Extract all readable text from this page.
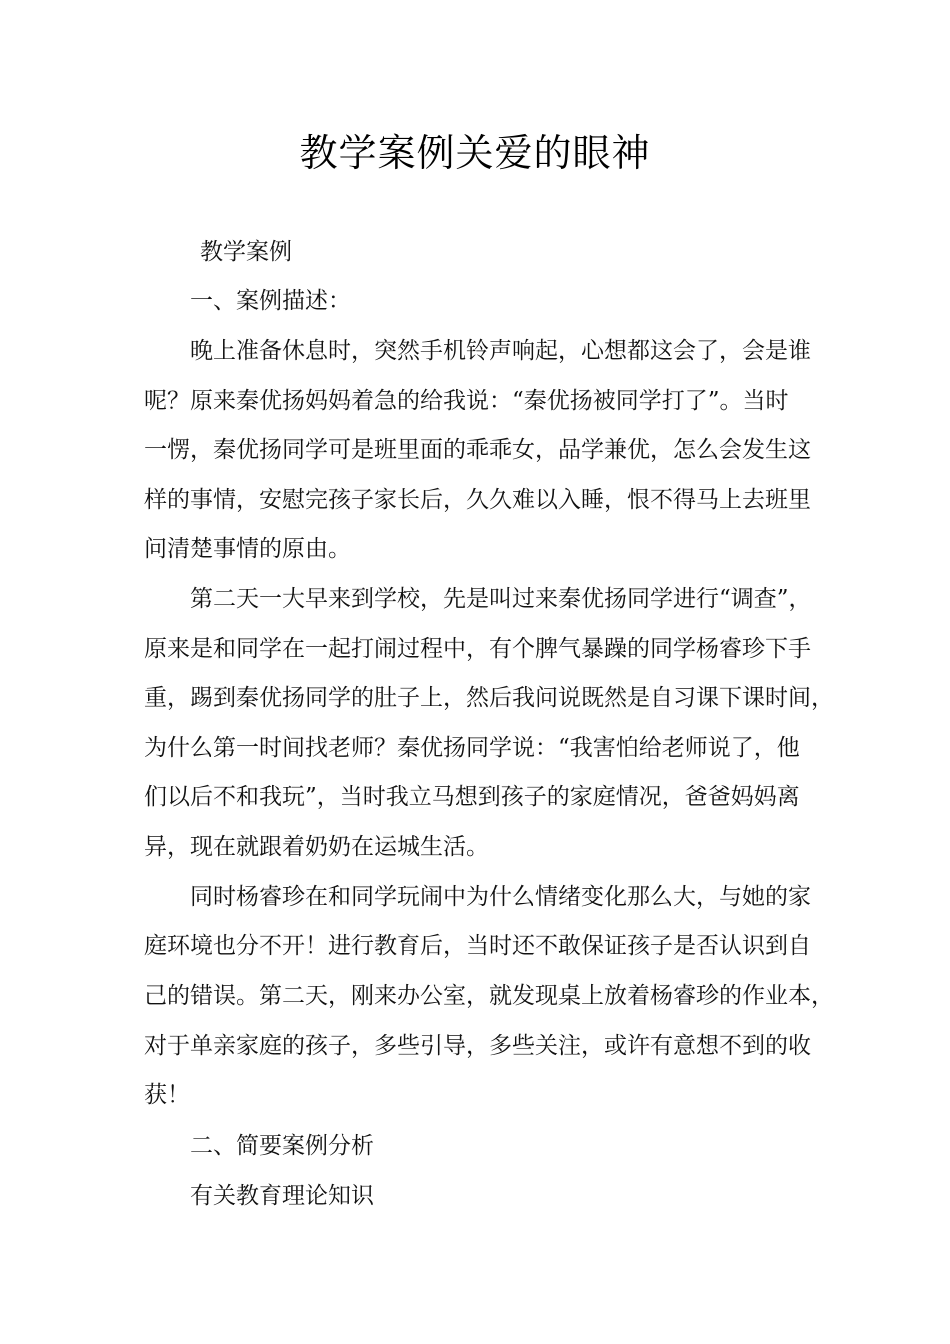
教学案例关爱的眼神
教学案例
一、案例描述：
晚上准备休息时，突然手机铃声响起，心想都这会了，会是谁
呢？原来秦优扬妈妈着急的给我说：“秦优扬被同学打了”。当时
一愣，秦优扬同学可是班里面的乖乖女，品学兼优，怎么会发生这
样的事情，安慰完孩子家长后，久久难以入睡，恨不得马上去班里
问清楚事情的原由。
第二天一大早来到学校，先是叫过来秦优扬同学进行“调查”，
原来是和同学在一起打闹过程中，有个脾气暴躁的同学杨睿珍下手
重，踢到秦优扬同学的肚子上，然后我问说既然是自习课下课时间，
为什么第一时间找老师？秦优扬同学说：“我害怕给老师说了，他
们以后不和我玩”，当时我立马想到孩子的家庭情况，爸爸妈妈离
异，现在就跟着奶奶在运城生活。
同时杨睿珍在和同学玩闹中为什么情绪变化那么大，与她的家
庭环境也分不开！进行教育后，当时还不敢保证孩子是否认识到自
己的错误。第二天，刚来办公室，就发现桌上放着杨睿珍的作业本，
对于单亲家庭的孩子，多些引导，多些关注，或许有意想不到的收
获！
二、简要案例分析
有关教育理论知识
